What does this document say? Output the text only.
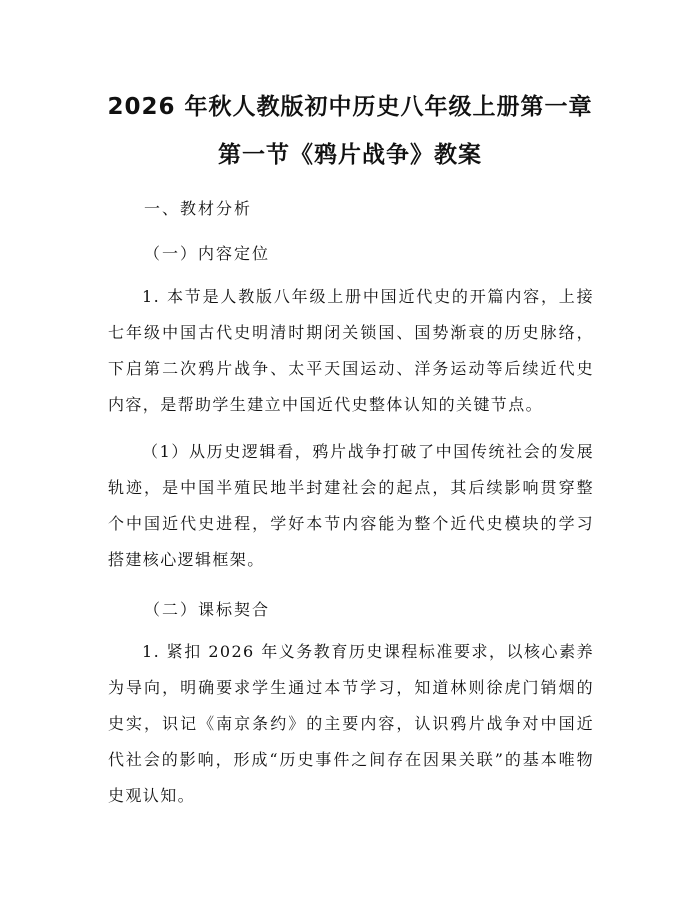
2026 年秋人教版初中历史八年级上册第一章
第一节《鸦片战争》教案

一、教材分析

（一）内容定位

1. 本节是人教版八年级上册中国近代史的开篇内容，上接七年级中国古代史明清时期闭关锁国、国势渐衰的历史脉络，下启第二次鸦片战争、太平天国运动、洋务运动等后续近代史内容，是帮助学生建立中国近代史整体认知的关键节点。

（1）从历史逻辑看，鸦片战争打破了中国传统社会的发展轨迹，是中国半殖民地半封建社会的起点，其后续影响贯穿整个中国近代史进程，学好本节内容能为整个近代史模块的学习搭建核心逻辑框架。

（二）课标契合

1. 紧扣 2026 年义务教育历史课程标准要求，以核心素养为导向，明确要求学生通过本节学习，知道林则徐虎门销烟的史实，识记《南京条约》的主要内容，认识鸦片战争对中国近代社会的影响，形成“历史事件之间存在因果关联”的基本唯物史观认知。
